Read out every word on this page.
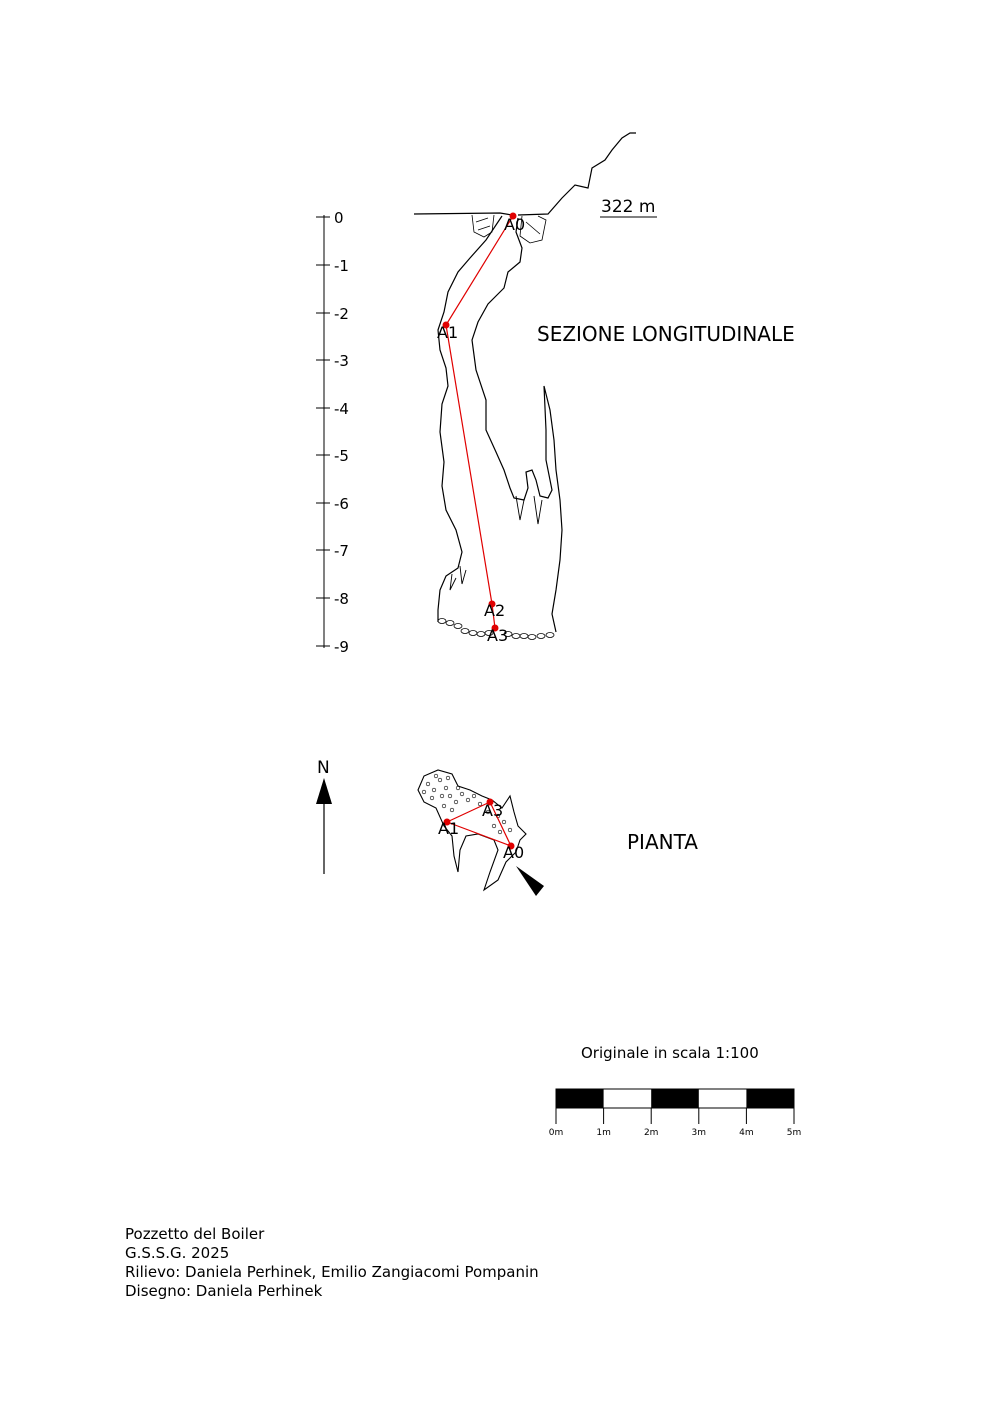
0
-1
-2
-3
-4
-5
-6
-7
-8
-9
A0
A1
A2
A3
322 m
SEZIONE LONGITUDINALE
N
A3
A1
A0	PIANTA
Originale in scala 1:100
0m	1m	2m	3m	4m	5m
Pozzetto del Boiler
G.S.S.G. 2025
Rilievo: Daniela Perhinek, Emilio Zangiacomi Pompanin
Disegno: Daniela Perhinek
